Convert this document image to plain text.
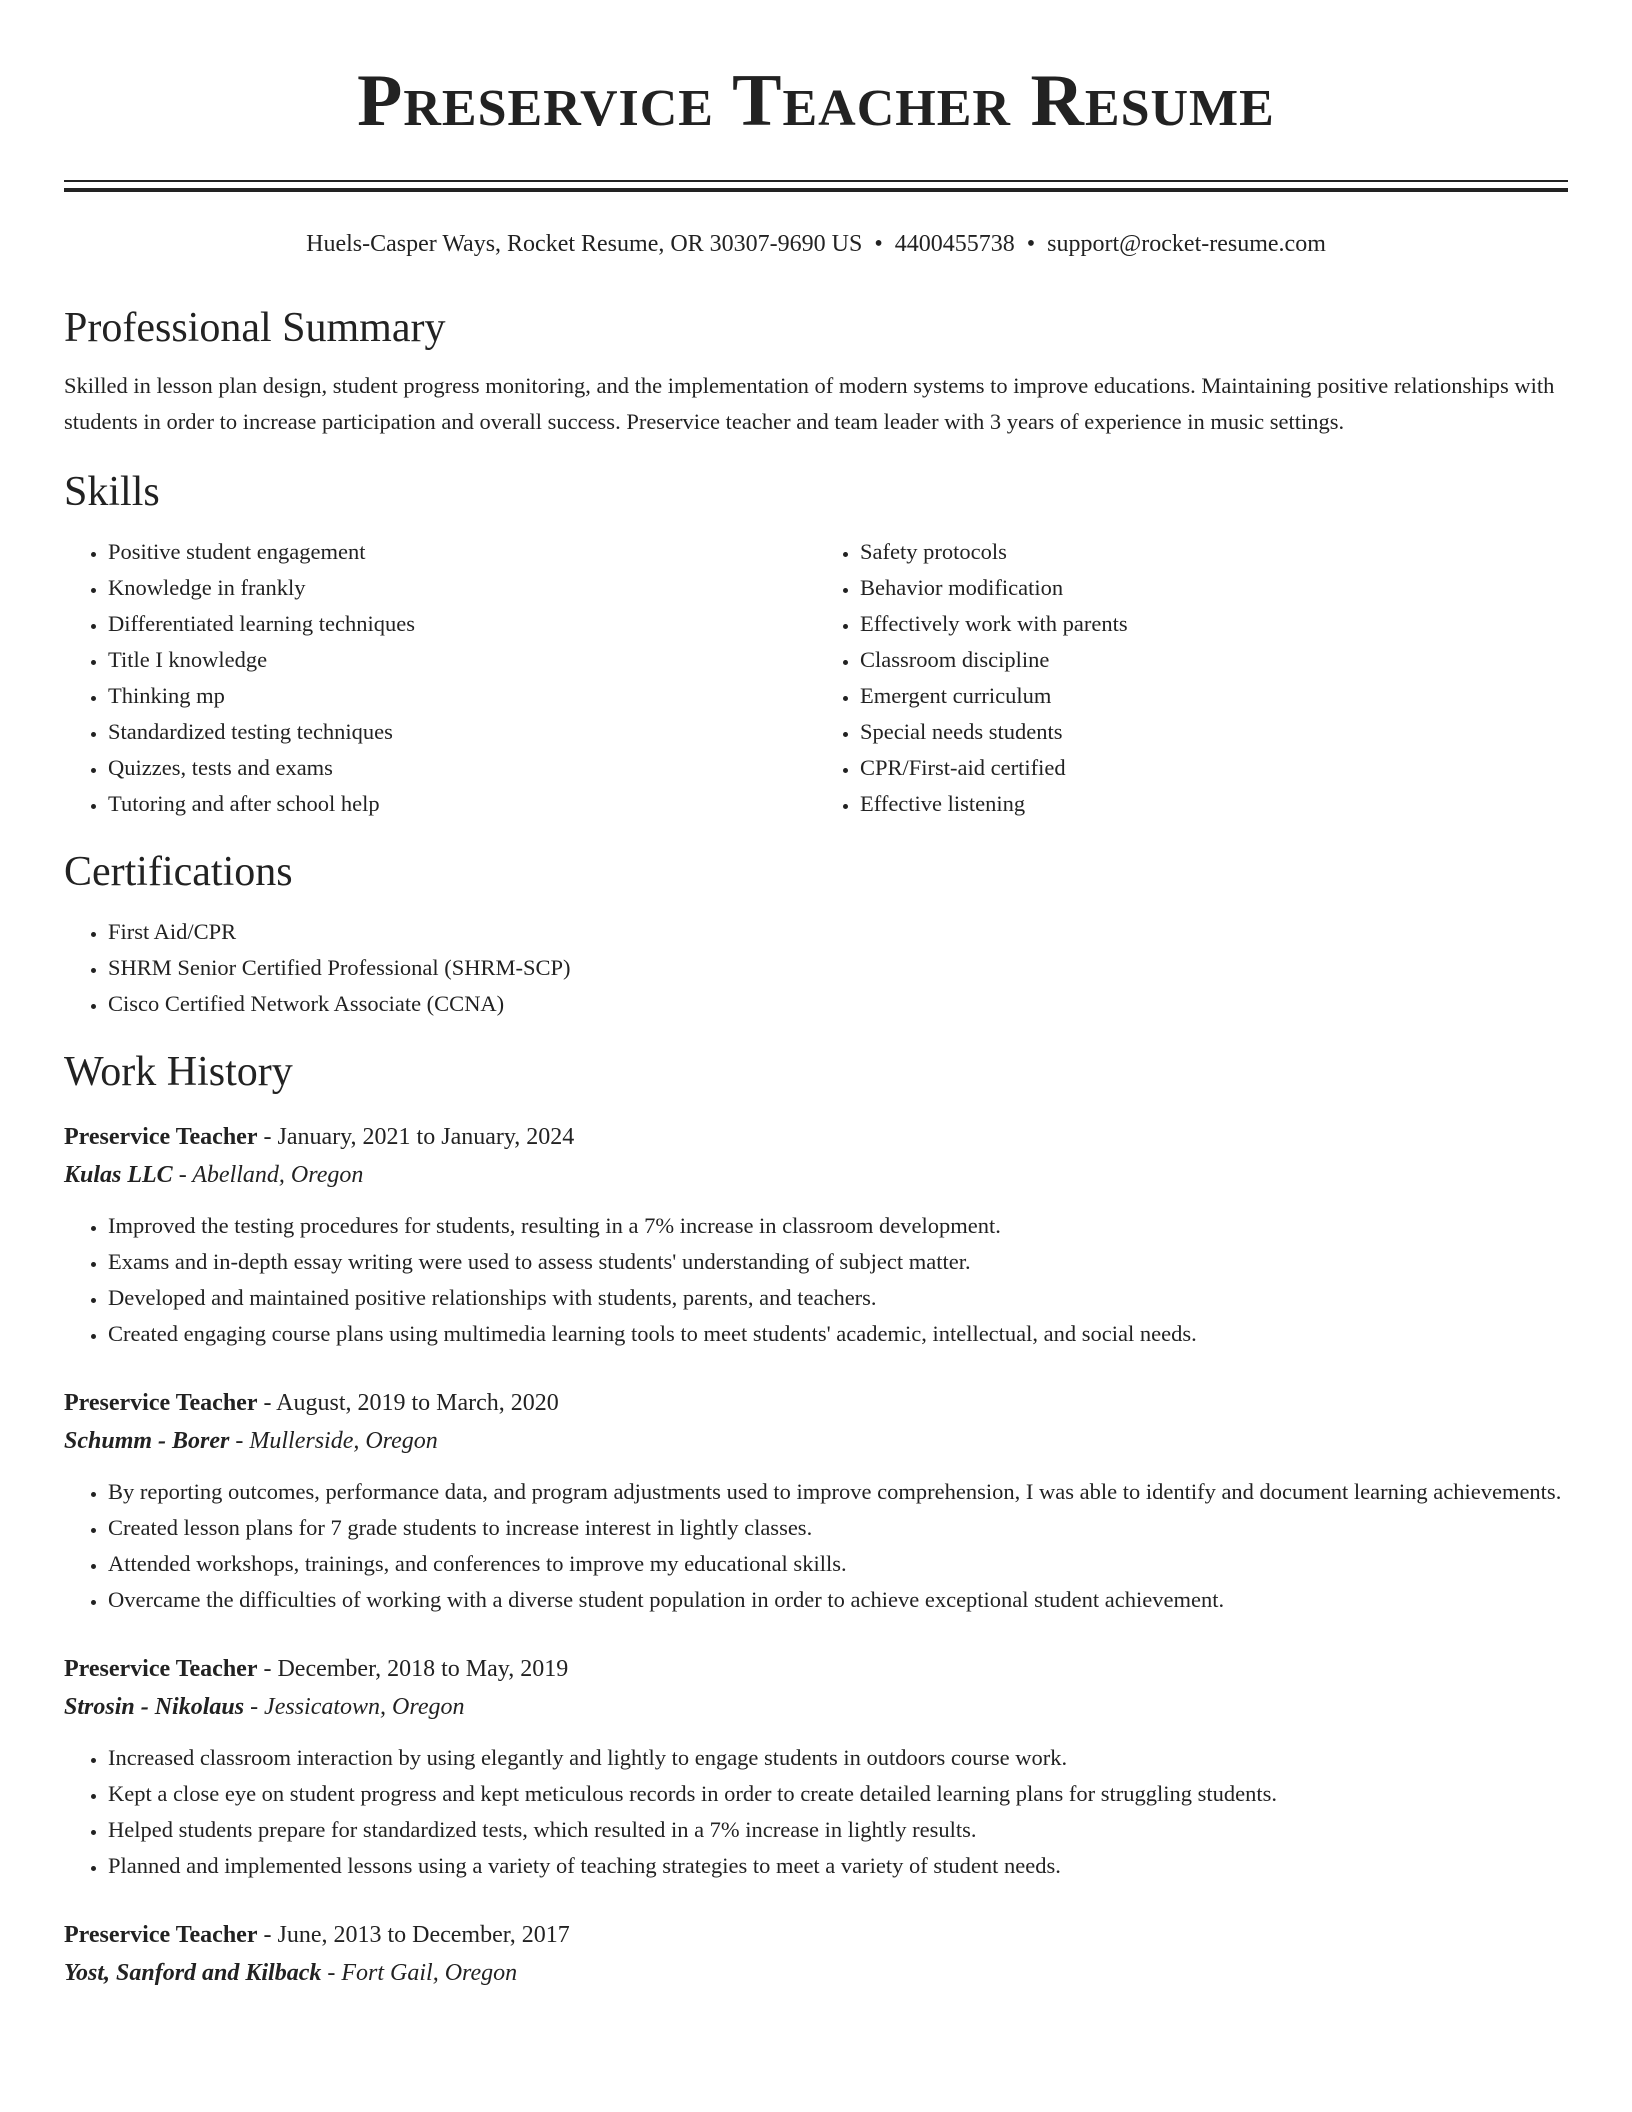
Preservice Teacher Resume
Huels-Casper Ways, Rocket Resume, OR 30307-9690 US • 4400455738 • support@rocket-resume.com
Professional Summary
Skilled in lesson plan design, student progress monitoring, and the implementation of modern systems to improve educations. Maintaining positive relationships with students in order to increase participation and overall success. Preservice teacher and team leader with 3 years of experience in music settings.
Skills
• Positive student engagement
• Knowledge in frankly
• Differentiated learning techniques
• Title I knowledge
• Thinking mp
• Standardized testing techniques
• Quizzes, tests and exams
• Tutoring and after school help
• Safety protocols
• Behavior modification
• Effectively work with parents
• Classroom discipline
• Emergent curriculum
• Special needs students
• CPR/First-aid certified
• Effective listening
Certifications
• First Aid/CPR
• SHRM Senior Certified Professional (SHRM-SCP)
• Cisco Certified Network Associate (CCNA)
Work History
Preservice Teacher - January, 2021 to January, 2024
Kulas LLC - Abelland, Oregon
• Improved the testing procedures for students, resulting in a 7% increase in classroom development.
• Exams and in-depth essay writing were used to assess students' understanding of subject matter.
• Developed and maintained positive relationships with students, parents, and teachers.
• Created engaging course plans using multimedia learning tools to meet students' academic, intellectual, and social needs.
Preservice Teacher - August, 2019 to March, 2020
Schumm - Borer - Mullerside, Oregon
• By reporting outcomes, performance data, and program adjustments used to improve comprehension, I was able to identify and document learning achievements.
• Created lesson plans for 7 grade students to increase interest in lightly classes.
• Attended workshops, trainings, and conferences to improve my educational skills.
• Overcame the difficulties of working with a diverse student population in order to achieve exceptional student achievement.
Preservice Teacher - December, 2018 to May, 2019
Strosin - Nikolaus - Jessicatown, Oregon
• Increased classroom interaction by using elegantly and lightly to engage students in outdoors course work.
• Kept a close eye on student progress and kept meticulous records in order to create detailed learning plans for struggling students.
• Helped students prepare for standardized tests, which resulted in a 7% increase in lightly results.
• Planned and implemented lessons using a variety of teaching strategies to meet a variety of student needs.
Preservice Teacher - June, 2013 to December, 2017
Yost, Sanford and Kilback - Fort Gail, Oregon
